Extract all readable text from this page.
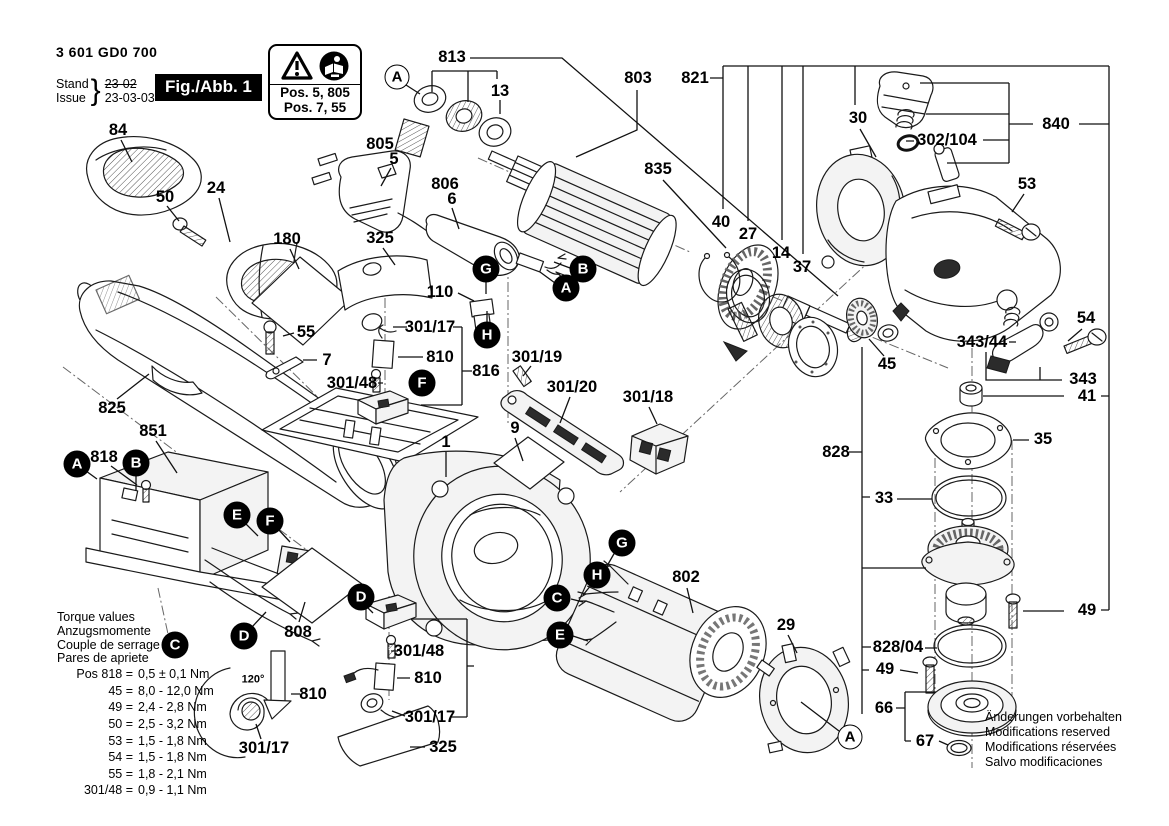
3 601 GD0 700
Stand
Issue } 23-02
23-03-03
Fig./Abb. 1	Pos. 5, 805
Pos. 7, 55
Torque values
Anzugsmomente
Couple de serrage
Pares de apriete
Pos 818 = 0,5 ± 0,1 Nm
45 = 8,0 - 12,0 Nm
49 = 2,4 - 2,8 Nm
50 = 2,5 - 3,2 Nm
53 = 1,5 - 1,8 Nm
54 = 1,5 - 1,8 Nm
55 = 1,8 - 2,1 Nm
301/48 = 0,9 - 1,1 Nm
Änderungen vorbehalten
Modifications reserved
Modifications réservées
Salvo modificaciones
813
13
803 821
30
302/104
840
84
50 24
180	325
805
5
806
6
835
40
27
14
37
53
54
343/44
343
41
45
110
301/17
810
301/48
816
55
7	301/19
301/20
301/18
825
851
818
1
9
828
33
35
802
29
808
828/04
49
49
66
67
301/48
810
301/17
325
810
301/17
120°
A
G	B
A
H
F
A	B
E	F
C
D
D	C
E
G
H
A
